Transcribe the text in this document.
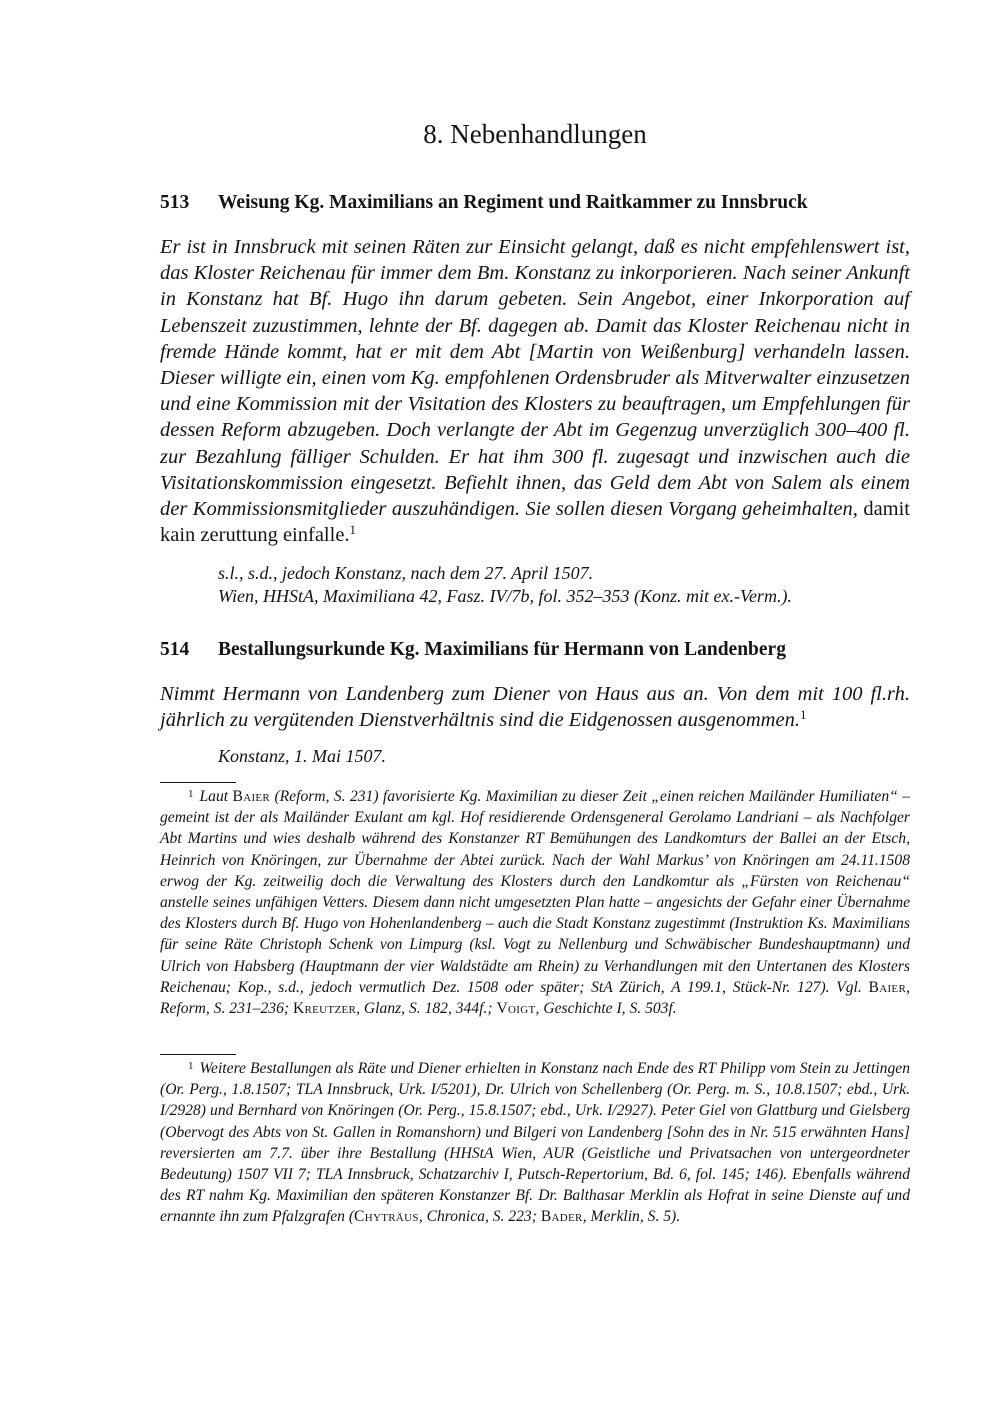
8. Nebenhandlungen
513 Weisung Kg. Maximilians an Regiment und Raitkammer zu Innsbruck
Er ist in Innsbruck mit seinen Räten zur Einsicht gelangt, daß es nicht empfehlenswert ist, das Kloster Reichenau für immer dem Bm. Konstanz zu inkorporieren. Nach seiner Ankunft in Konstanz hat Bf. Hugo ihn darum gebeten. Sein Angebot, einer Inkorporation auf Lebenszeit zuzustimmen, lehnte der Bf. dagegen ab. Damit das Kloster Reichenau nicht in fremde Hände kommt, hat er mit dem Abt [Martin von Weißenburg] verhandeln lassen. Dieser willigte ein, einen vom Kg. empfohlenen Ordensbruder als Mitverwalter einzusetzen und eine Kommission mit der Visitation des Klosters zu beauftragen, um Empfehlungen für dessen Reform abzugeben. Doch verlangte der Abt im Gegenzug unverzüglich 300–400 fl. zur Bezahlung fälliger Schulden. Er hat ihm 300 fl. zugesagt und inzwischen auch die Visitationskommission eingesetzt. Befiehlt ihnen, das Geld dem Abt von Salem als einem der Kommissionsmitglieder auszuhändigen. Sie sollen diesen Vorgang geheimhalten, damit kain zeruttung einfalle.$^1$
s.l., s.d., jedoch Konstanz, nach dem 27. April 1507.
Wien, HHStA, Maximiliana 42, Fasz. IV/7b, fol. 352–353 (Konz. mit ex.-Verm.).
514 Bestallungsurkunde Kg. Maximilians für Hermann von Landenberg
Nimmt Hermann von Landenberg zum Diener von Haus aus an. Von dem mit 100 fl.rh. jährlich zu vergütenden Dienstverhältnis sind die Eidgenossen ausgenommen.$^1$
Konstanz, 1. Mai 1507.
$^1$ Laut Baier (Reform, S. 231) favorisierte Kg. Maximilian zu dieser Zeit „einen reichen Mailänder Humiliaten“ – gemeint ist der als Mailänder Exulant am kgl. Hof residierende Ordensgeneral Gerolamo Landriani – als Nachfolger Abt Martins und wies deshalb während des Konstanzer RT Bemühungen des Landkomturs der Ballei an der Etsch, Heinrich von Knöringen, zur Übernahme der Abtei zurück. Nach der Wahl Markus’ von Knöringen am 24.11.1508 erwog der Kg. zeitweilig doch die Verwaltung des Klosters durch den Landkomtur als „Fürsten von Reichenau“ anstelle seines unfähigen Vetters. Diesem dann nicht umgesetzten Plan hatte – angesichts der Gefahr einer Übernahme des Klosters durch Bf. Hugo von Hohenlandenberg – auch die Stadt Konstanz zugestimmt (Instruktion Ks. Maximilians für seine Räte Christoph Schenk von Limpurg (ksl. Vogt zu Nellenburg und Schwäbischer Bundeshauptmann) und Ulrich von Habsberg (Hauptmann der vier Waldstädte am Rhein) zu Verhandlungen mit den Untertanen des Klosters Reichenau; Kop., s.d., jedoch vermutlich Dez. 1508 oder später; StA Zürich, A 199.1, Stück-Nr. 127). Vgl. Baier, Reform, S. 231–236; Kreutzer, Glanz, S. 182, 344f.; Voigt, Geschichte I, S. 503f.
$^1$ Weitere Bestallungen als Räte und Diener erhielten in Konstanz nach Ende des RT Philipp vom Stein zu Jettingen (Or. Perg., 1.8.1507; TLA Innsbruck, Urk. I/5201), Dr. Ulrich von Schellenberg (Or. Perg. m. S., 10.8.1507; ebd., Urk. I/2928) und Bernhard von Knöringen (Or. Perg., 15.8.1507; ebd., Urk. I/2927). Peter Giel von Glattburg und Gielsberg (Obervogt des Abts von St. Gallen in Romanshorn) und Bilgeri von Landenberg [Sohn des in Nr. 515 erwähnten Hans] reversierten am 7.7. über ihre Bestallung (HHStA Wien, AUR (Geistliche und Privatsachen von untergeordneter Bedeutung) 1507 VII 7; TLA Innsbruck, Schatzarchiv I, Putsch-Repertorium, Bd. 6, fol. 145; 146). Ebenfalls während des RT nahm Kg. Maximilian den späteren Konstanzer Bf. Dr. Balthasar Merklin als Hofrat in seine Dienste auf und ernannte ihn zum Pfalzgrafen (Chyträus, Chronica, S. 223; Bader, Merklin, S. 5).
